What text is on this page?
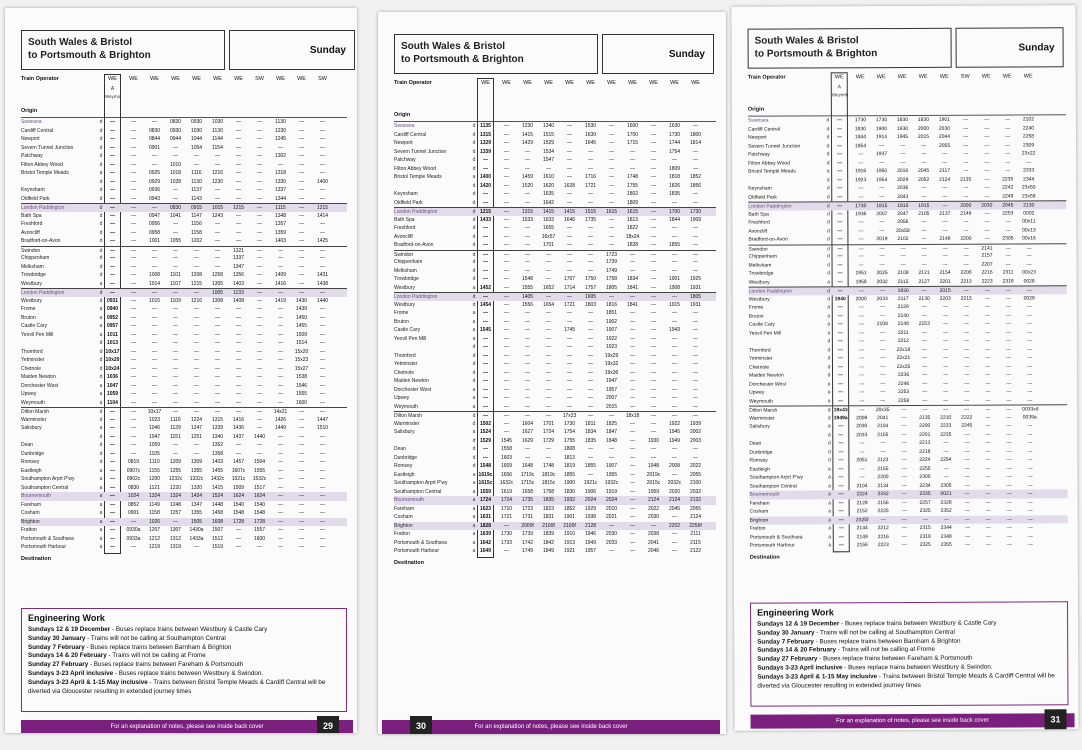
South Wales & Bristol
to Portsmouth & Brighton	Sunday
Train Operator
Origin
WE
A
Weymo
WE	WE	WE	WE	WE	WE	SW	WE	WE	SW
Swansea	d	—	—	—	0830	0930	1030	—	—	1130	—	—
Cardiff Central	d	—	—	0830	0930	1030	1130	—	—	1230	—	—
Newport	d	—	—	0844	0944	1044	1144	—	—	1245	—	—
Severn Tunnel Junction	d	—	—	0901	—	1054	1154	—	—	—	—	—
Patchway	d	—	—	—	—	—	—	—	—	1302	—	—
Filton Abbey Wood	d	—	—	—	1010	—	—	—	—	—	—	—
Bristol Temple Meads	a	—	—	0925	1018	1116	1216	—	—	1318	—	—
d	—	—	0929	1028	1130	1230	—	—	1330	—	1400
Keynsham	d	—	—	0936	—	1137	—	—	—	1337	—	—
Oldfield Park	d	—	—	0943	—	1143	—	—	—	1344	—	—
London Paddington	d	—	—	—	0830	0915	1015	1215	—	1115	—	1215
Bath Spa	d	—	—	0947	1041	1147	1243	—	—	1348	—	1414
Freshford	d	—	—	0956	—	1156	—	—	—	1357	—	—
Avoncliff	d	—	—	0958	—	1158	—	—	—	1359	—	—
Bradford-on-Avon	d	—	—	1001	1055	1202	—	—	—	1403	—	1425
Swindon	d	—	—	—	—	—	—	1321	—	—	—	—
Chippenham	d	—	—	—	—	—	—	1337	—	—	—	—
Melksham	d	—	—	—	—	—	—	1347	—	—	—	—
Trowbridge	d	—	—	1008	1101	1208	1258	1356	—	1409	—	1431
Westbury	a	—	—	1014	1107	1215	1305	1403	—	1416	—	1438
London Paddington	d	—	—	—	—	—	1005	1133	—	—	—	—
Westbury	d 0931	—	1015	1109	1216	1308	1408	—	1419	1430	1440
Frome	a 0940	—	—	—	—	—	—	—	—	1439	—
Bruton	a 0952	—	—	—	—	—	—	—	—	1450	—
Castle Cary	a 0957	—	—	—	—	—	—	—	—	1455	—
Yeovil Pen Mill	a 1011	—	—	—	—	—	—	—	—	1509	—
d 1013	—	—	—	—	—	—	—	—	1514	—
Thornford	d 10x17	—	—	—	—	—	—	—	—	15x20	—
Yetminster	d 10x20	—	—	—	—	—	—	—	—	15x23	—
Chetnole	d 10x24	—	—	—	—	—	—	—	—	15x27	—
Maiden Newton	d 1036	—	—	—	—	—	—	—	—	1538	—
Dorchester West	a 1047	—	—	—	—	—	—	—	—	1546	—
Upwey	a 1059	—	—	—	—	—	—	—	—	1555	—
Weymouth	a 1104	—	—	—	—	—	—	—	—	1600	—
Dilton Marsh	d	—	—	10x17	—	—	—	—	—	14x21	—	—
Warminster	d	—	—	1023	1116	1224	1315	1416	—	1426	—	1447
Salisbury	a	—	—	1046	1139	1247	1339	1436	—	1449	—	1510
d	—	—	1047	1151	1251	1340	1437	1440	—	—	—
Dean	d	—	—	1059	—	—	1352	—	—	—	—	—
Dunbridge	d	—	—	1105	—	—	1358	—	—	—	—	—
Romsey	d	—	0819	1110	1209	1309	1403	1457	1504	—	—	—
Eastleigh	a	—	0907c	1155	1255	1355	1455	1607c	1555	—	—	—
Southampton Arprt P'wy	a	—	0902c	1200	1232c 1332c 1432c 1521c 1532c	—	—	—
Southampton Central	a	—	0830	1121	1220	1320	1415	1509	1517	—	—	—
Bournemouth	a	—	1024	1324	1324	1424	1524	1624	1624	—	—	—
Fareham	a	—	0852	1149	1248	1347	1448	1540	1540	—	—	—
Cosham	a	—	0901	1158	1257	1355	1458	1548	1548	—	—	—
Brighton	a	—	—	1026	—	1505	1608	1728	1728	—	—	—
Fratton	a	—	0930a	1207	1307	1430a	1507	—	1557	—	—	—
Portsmouth & Southsea	a	—	0933a	1212	1312	1433a	1512	—	1600	—	—	—
Portsmouth Harbour	a	—	—	1219	1319	—	1519	—	—	—	—	—
Destination
Engineering Work
Sundays 12 & 19 December - Buses replace trains between Westbury & Castle Cary
Sunday 30 January - Trains will not be calling at Southampton Central
Sunday 7 February - Buses replace trains between Barnham & Brighton
Sundays 14 & 20 February - Trains will not be calling at Frome
Sunday 27 February - Buses replace trains between Fareham & Portsmouth
Sundays 3-23 April inclusive - Buses replace trains between Westbury & Swindon.
Sundays 3-23 April & 1-15 May inclusive - Trains between Bristol Temple Meads & Cardiff Central will be diverted via Gloucester resulting in extended journey times
For an explanation of notes, please see inside back cover	29
South Wales & Bristol
to Portsmouth & Brighton	Sunday
Train Operator
Origin
WE	WE	WE	WE	WE	WE	WE	WE	WE	WE	WE
Swansea	d 1135	—	1230	1340	—	1530	—	1600	—	1630	—
Cardiff Central	d 1315	—	1415	1515	—	1630	—	1700	—	1730	1800
Newport	d 1329	—	1429	1529	—	1645	—	1715	—	1744	1814
Severn Tunnel Junction	d 1339	—	—	1534	—	—	—	—	—	1754	—
Patchway	d	—	—	—	1547	—	—	—	—	—	—	—
Filton Abbey Wood	d	—	—	—	—	—	—	—	—	—	1809	—
Bristol Temple Meads	a 1400	—	1459	1610	—	1716	—	1748	—	1818	1852
d 1420	—	1520	1620	1628	1721	—	1755	—	1826	1856
Keynsham	d	—	—	—	1635	—	—	—	1802	—	1835	—
Oldfield Park	d	—	—	—	1642	—	—	—	1809	—	—	—
London Paddington	d 1215	—	1315	1415	1415	1515	1615	1615	—	1700	1730
Bath Spa	d 1433	—	1533	1633	1646	1735	—	1813	—	1844	1909
Freshford	d	—	—	—	1655	—	—	—	1822	—	—	—
Avoncliff	d	—	—	—	16x57	—	—	—	18x24	—	—	—
Bradford-on-Avon	d	—	—	—	1701	—	—	—	1828	—	1855	—
Swindon	d	—	—	—	—	—	—	1723	—	—	—	—
Chippenham	d	—	—	—	—	—	—	1739	—	—	—	—
Melksham	d	—	—	—	—	—	—	1749	—	—	—	—
Trowbridge	d	—	—	1548	—	1707	1750	1758	1834	—	1901	1925
Westbury	a 1452	—	1555	1652	1714	1757	1805	1841	—	1908	1931
London Paddington	d	—	—	1405	—	—	1605	—	—	—	—	1805
Westbury	d 1454	—	1556	1654	1721	1803	1816	1841	—	1915	1931
Frome	a	—	—	—	—	—	—	1851	—	—	—	—
Bruton	a	—	—	—	—	—	—	1902	—	—	—	—
Castle Cary	a 1545	—	—	—	1745	—	1907	—	—	1943	—
Yeovil Pen Mill	a	—	—	—	—	—	—	1922	—	—	—	—
d	—	—	—	—	—	—	1923	—	—	—	—
Thornford	d	—	—	—	—	—	—	19x29	—	—	—	—
Yetminster	d	—	—	—	—	—	—	19x32	—	—	—	—
Chetnole	d	—	—	—	—	—	—	19x36	—	—	—	—
Maiden Newton	d	—	—	—	—	—	—	1947	—	—	—	—
Dorchester West	a	—	—	—	—	—	—	1957	—	—	—	—
Upwey	a	—	—	—	—	—	—	2007	—	—	—	—
Weymouth	a	—	—	—	—	—	—	2015	—	—	—	—
Dilton Marsh	d	—	—	—	—	17x23	—	—	18x18	—	—	—
Warminster	d 1502	—	1604	1701	1730	1811	1825	—	—	1922	1939
Salisbury	a 1524	—	1627	1724	1754	1834	1847	—	—	1945	2002
d 1529	1545	1629	1729	1755	1835	1848	—	1930	1949	2003
Dean	d	—	1558	—	—	1808	—	—	—	—	—	—
Dunbridge	d	—	1603	—	—	1813	—	—	—	—	—	—
Romsey	d 1548	1609	1648	1748	1819	1855	1907	—	1948	2008	2022
Eastleigh	a 1619c	1656	1719c 1819c	1855	—	1955	—	2019c	—	2055
Southampton Arprt P'wy	a 1615c 1632c 1715c 1815c	1900	1921c 1932c	—	2015c 2032c	2100
Southampton Central	a 1559	1619	1658	1758	1830	1906	1919	—	1959	2020	2032
Bournemouth	a 1724	1724	1735	1835	1932	2024	2024	—	2124	2124	2132
Fareham	a 1623	1710	1723	1823	1852	1929	2010	—	2022	2045	2055
Cosham	a 1631	1721	1731	1831	1901	1938	2021	—	2030	—	2124
Brighton	a 1828	—	2000f 2100f 2100f	2128	—	—	—	2202	2256f
Fratton	a 1639	1730	1739	1839	1910	1946	2030	—	2038	—	2111
Portsmouth & Southsea	a 1642	1733	1742	1842	1913	1949	2033	—	2041	—	2115
Portsmouth Harbour	a 1649	—	1749	1849	1921	1957	—	—	2046	—	2122
Destination
For an explanation of notes, please see inside back cover
30
South Wales & Bristol
to Portsmouth & Brighton
Sunday
Train Operator
Origin
WE
A
Weymth
WE	WE	WE	WE	WE	SW	WE	WE	WE
Swansea	d	—	1730	1730	1830	1830	1901	—	—	—	2102
Cardiff Central	d	—	1830	1900	1930	2000	2030	—	—	—	2240
Newport	d	—	1844	1914	1945	2015	2044	—	—	—	2258
Severn Tunnel Junction	d	—	1854	—	—	—	2055	—	—	—	2309
Patchway	d	—	—	1937	—	—	—	—	—	—	23x22
Filton Abbey Wood	d	—	—	—	—	—	—	—	—	—	—
Bristol Temple Meads	a	—	1916	1950	2016	2045	2117	—	—	—	2333
d	—	1923	1954	2029	2052	2124	2135	—	2235	2344
Keynsham	d	—	—	—	2036	—	—	—	—	2242	23x50
Oldfield Park	d	—	—	—	2043	—	—	—	—	2249	23x58
London Paddington	d	—	1730	1815	1815	1915	—	2000	2030	2045	2130
Bath Spa	d	—	1936	2007	2047	2105	2137	2149	—	2253	0002
Freshford	d	—	—	—	2056	—	—	—	—	—	00x11
Avoncliff	d	—	—	—	20x58	—	—	—	—	—	00x13
Bradford-on-Avon	d	—	—	2019	2102	—	2148	2200	—	2305	00x16
Swindon	d	—	—	—	—	—	—	—	2141	—	—
Chippenham	d	—	—	—	—	—	—	—	2157	—	—
Melksham	d	—	—	—	—	—	—	—	2207	—	—
Trowbridge	d	—	1951	2025	2108	2121	2154	2206	2216	2311	00x23
Westbury	a	—	1958	2032	2115	2127	2201	2213	2223	2318	0028
London Paddington	d	—	—	—	1930	—	2015	—	—	—	—
Westbury	d 1940	2000	2033	2117	2130	2203	2215	—	—	0028
Frome	a	—	—	—	2129	—	—	—	—	—	—
Bruton	a	—	—	—	2140	—	—	—	—	—	—
Castle Cary	a	—	—	2108	2148	2153	—	—	—	—	—
Yeovil Pen Mill	a	—	—	—	2211	—	—	—	—	—	—
d	—	—	—	2212	—	—	—	—	—	—
Thornford	d	—	—	—	22x18	—	—	—	—	—	—
Yetminster	d	—	—	—	22x21	—	—	—	—	—	—
Chetnole	d	—	—	—	22x25	—	—	—	—	—	—
Maiden Newton	d	—	—	—	2236	—	—	—	—	—	—
Dorchester West	a	—	—	—	2246	—	—	—	—	—	—
Upwey	a	—	—	—	2253	—	—	—	—	—	—
Weymouth	a	—	—	—	2258	—	—	—	—	—	—
Dilton Marsh	d 19x43	—	20x35	—	—	—	—	—	—	0033xd
Warminster	d 1949a	2008	2041	—	2135	2210	2222	—	—	0039a
Salisbury	a	—	2030	2104	—	2200	2233	2245	—	—	—
d	—	2033	2105	—	2201	2235	—	—	—	—
Dean	d	—	—	—	—	2213	—	—	—	—	—
Dunbridge	d	—	—	—	—	2218	—	—	—	—	—
Romsey	d	—	2051	2123	—	2224	2254	—	—	—	—
Eastleigh	a	—	—	2155	—	2255	—	—	—	—	—
Southampton Arprt P'wy	a	—	—	2200	—	2300	—	—	—	—	—
Southampton Central	a	—	2104	2134	—	2234	2305	—	—	—	—
Bournemouth	a	—	2224	2332	—	2335	0021	—	—	—	—
Fareham	a	—	2128	2156	—	2257	2328	—	—	—	—
Cosham	a	—	2152	2225	—	2325	2352	—	—	—	—
Brighton	a	—	2325f	—	—	—	—	—	—	—	—
Fratton	a	—	2144	2212	—	2315	2344	—	—	—	—
Portsmouth & Southsea	a	—	2149	2216	—	2318	2348	—	—	—	—
Portsmouth Harbour	a	—	2156	2223	—	2325	2355	—	—	—	—
Destination
Engineering Work
Sundays 12 & 19 December - Buses replace trains between Westbury & Castle Cary
Sunday 30 January - Trains will not be calling at Southampton Central
Sunday 7 February - Buses replace trains between Barnham & Brighton
Sundays 14 & 20 February - Trains will not be calling at Frome
Sunday 27 February - Buses replace trains between Fareham & Portsmouth
Sundays 3-23 April inclusive - Buses replace trains between Westbury & Swindon.
Sundays 3-23 April & 1-15 May inclusive - Trains between Bristol Temple Meads & Cardiff Central will be diverted via Gloucester resulting in extended journey times
For an explanation of notes, please see inside back cover	31
